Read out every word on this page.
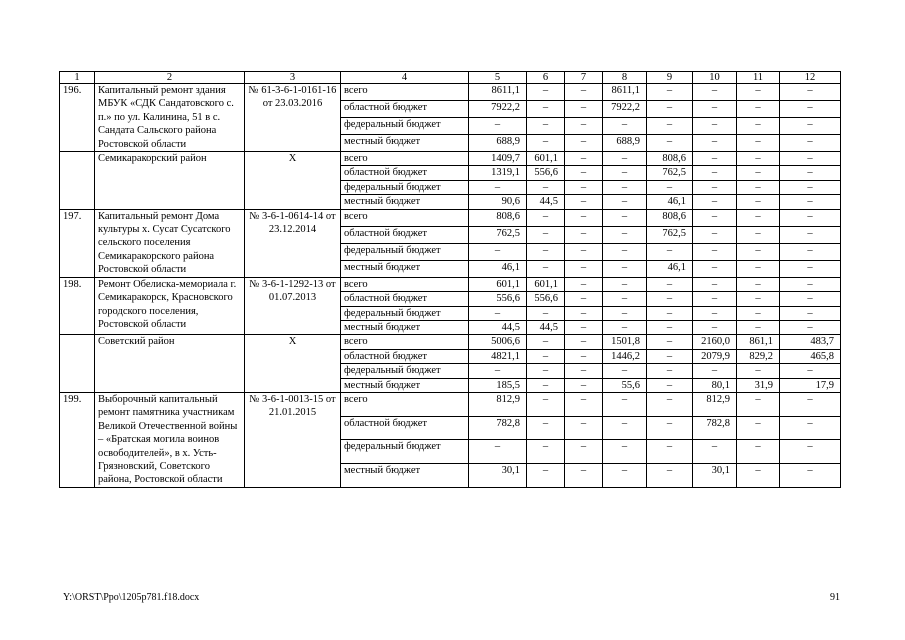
1	2	3	4	5	6	7	8	9	10	11	12
196.	Капитальный ремонт здания МБУК «СДК Сандатовского с. п.» по ул. Калинина, 51 в с. Сандата Сальского района Ростовской области	№ 61-3-6-1-0161-16 от 23.03.2016	всего	8611,1	–	–	8611,1	–	–	–	–
			областной бюджет	7922,2	–	–	7922,2	–	–	–	–
			федеральный бюджет	–	–	–	–	–	–	–	–
			местный бюджет	688,9	–	–	688,9	–	–	–	–
	Семикаракорский район	Х	всего	1409,7	601,1	–	–	808,6	–	–	–
			областной бюджет	1319,1	556,6	–	–	762,5	–	–	–
			федеральный бюджет	–	–	–	–	–	–	–	–
			местный бюджет	90,6	44,5	–	–	46,1	–	–	–
197.	Капитальный ремонт Дома культуры х. Сусат Сусатского сельского поселения Семикаракорского района Ростовской области	№ 3-6-1-0614-14 от 23.12.2014	всего	808,6	–	–	–	808,6	–	–	–
			областной бюджет	762,5	–	–	–	762,5	–	–	–
			федеральный бюджет	–	–	–	–	–	–	–	–
			местный бюджет	46,1	–	–	–	46,1	–	–	–
198.	Ремонт Обелиска-мемориала г. Семикаракорск, Красновского городского поселения, Ростовской области	№ 3-6-1-1292-13 от 01.07.2013	всего	601,1	601,1	–	–	–	–	–	–
			областной бюджет	556,6	556,6	–	–	–	–	–	–
			федеральный бюджет	–	–	–	–	–	–	–	–
			местный бюджет	44,5	44,5	–	–	–	–	–	–
	Советский район	Х	всего	5006,6	–	–	1501,8	–	2160,0	861,1	483,7
			областной бюджет	4821,1	–	–	1446,2	–	2079,9	829,2	465,8
			федеральный бюджет	–	–	–	–	–	–	–	–
			местный бюджет	185,5	–	–	55,6	–	80,1	31,9	17,9
199.	Выборочный капитальный ремонт памятника участникам Великой Отечественной войны – «Братская могила воинов освободителей», в х. Усть-Грязновский, Советского района, Ростовской области	№ 3-6-1-0013-15 от 21.01.2015	всего	812,9	–	–	–	–	812,9	–	–
			областной бюджет	782,8	–	–	–	–	782,8	–	–
			федеральный бюджет	–	–	–	–	–	–	–	–
			местный бюджет	30,1	–	–	–	–	30,1	–	–
Y:\ORST\Ppo\1205p781.f18.docx	91
